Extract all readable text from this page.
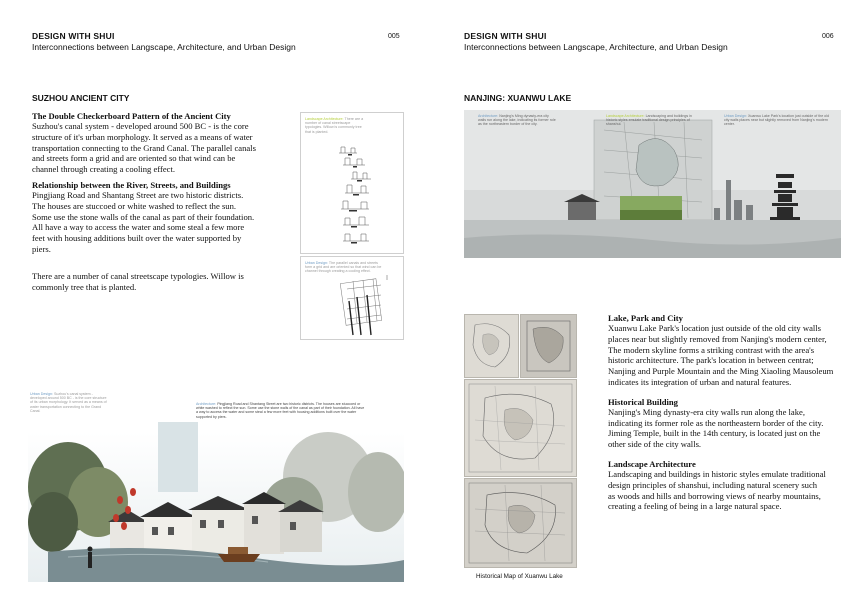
DESIGN WITH SHUI
Interconnections between Langscape, Architecture, and Urban Design
005
SUZHOU ANCIENT CITY
The Double Checkerboard Pattern of the Ancient City
Suzhou's canal system - developed around 500 BC - is the core
structure of it's urban morphology. It served as a means of water
transportation connecting to the Grand Canal. The parallel canals
and streets form a grid and are oriented so that wind can be
channel through creating a cooling effect.
Relationship between the River, Streets, and Buildings
Pingjiang Road and Shantang Street are two historic districts.
The houses are stuccoed or white washed to reflect the sun.
Some use the stone walls of the canal as part of their foundation.
All have a way to access the water and some steal a few more
feet with housing additions built over the water supported by
piers.
There are a number of canal streetscape typologies. Willow is
commonly tree that is planted.
Landscape Architecture: There are a number of canal streetscape typologies. Willow is commonly tree that is planted.
Urban Design: The parallel canals and streets form a grid and are oriented so that wind can be channel through creating a cooling effect.
Urban Design: Suzhou's canal system - developed around 500 BC - is the core structure of its urban morphology. It served as a means of water transportation connecting to the Grand Canal.
Architecture: Pingjiang Road and Shantang Street are two historic districts. The houses are stuccoed or white washed to reflect the sun. Some use the stone walls of the canal as part of their foundation. All have a way to access the water and some steal a few more feet with housing additions built over the water supported by piers.
DESIGN WITH SHUI
Interconnections between Langscape, Architecture, and Urban Design
006
NANJING: XUANWU LAKE
Architecture: Nanjing's Ming dynasty-era city walls run along the lake, indicating its former role as the northeastern border of the city.
Landscape Architecture: Landscaping and buildings in historic styles emulate traditional design principles of shanshui.
Urban Design: Xuanwu Lake Park's location just outside of the old city walls places near but slightly removed from Nanjing's modern center.
Historical Map of Xuanwu Lake
Lake, Park and City
Xuanwu Lake Park's location just outside of the old city walls
places near but slightly removed from Nanjing's modern center,
The modern skyline forms a striking contrast with the area's
historic architecture. The park's location in between centrat;
Nanjing and Purple Mountain and the Ming Xiaoling Mausoleum
indicates its integration of urban and natural features.
Historical Building
Nanjing's Ming dynasty-era city walls run along the lake,
indicating its former role as the northeastern border of the city.
Jiming Temple, built in the 14th century, is located just on the
other side of the city walls.
Landscape Architecture
Landscaping and buildings in historic styles emulate traditional
design principles of shanshui, including natural scenery such
as woods and hills and borrowing views of nearby mountains,
creating a feeling of being in a large natural space.
